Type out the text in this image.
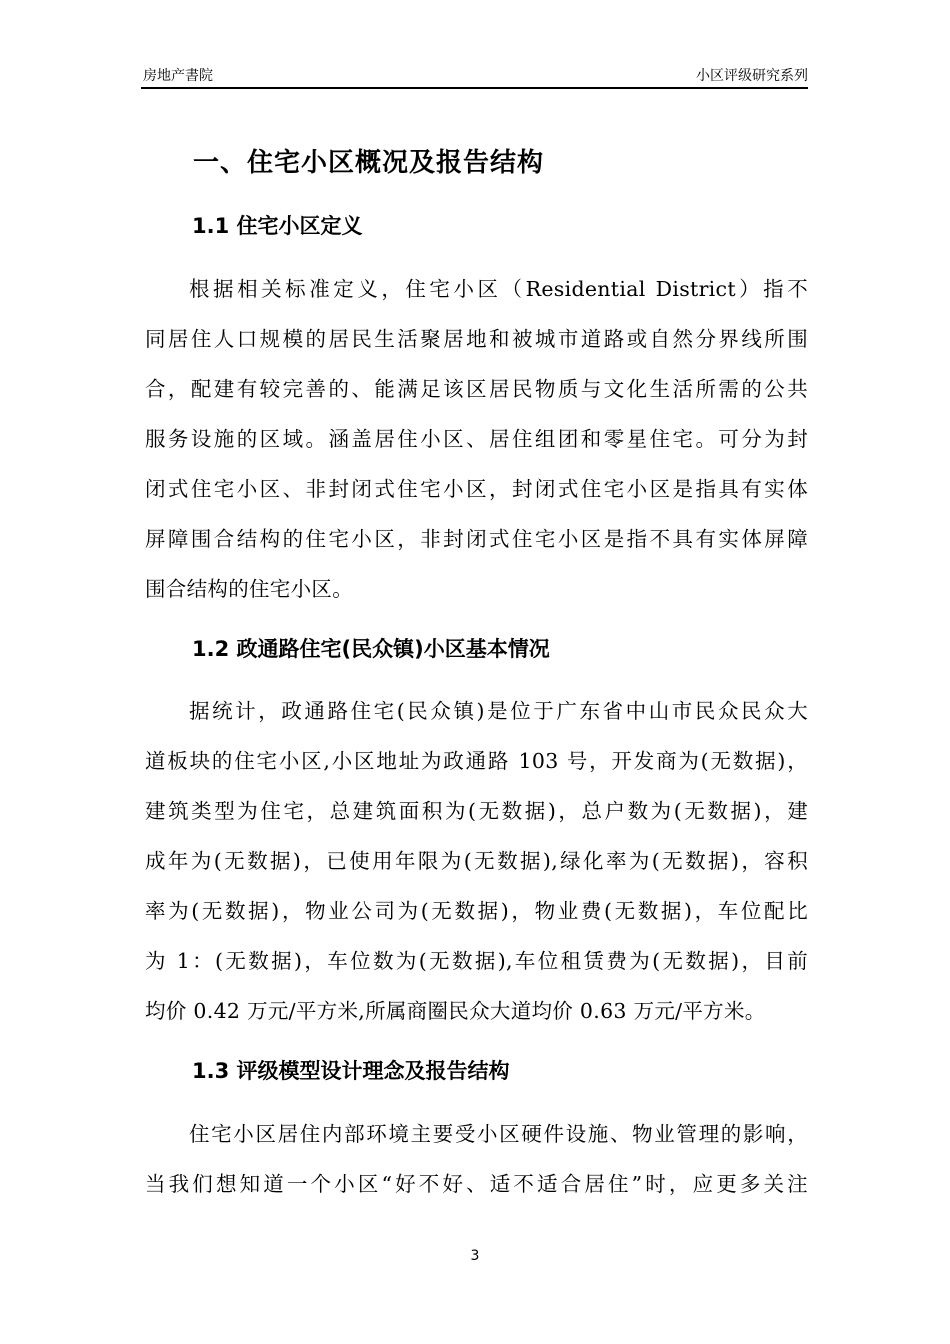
房地产書院	小区评级研究系列
一、住宅小区概况及报告结构
1.1 住宅小区定义
根据相关标准定义，住宅小区（Residential District）指不
同居住人口规模的居民生活聚居地和被城市道路或自然分界线所围
合，配建有较完善的、能满足该区居民物质与文化生活所需的公共
服务设施的区域。涵盖居住小区、居住组团和零星住宅。可分为封
闭式住宅小区、非封闭式住宅小区，封闭式住宅小区是指具有实体
屏障围合结构的住宅小区，非封闭式住宅小区是指不具有实体屏障
围合结构的住宅小区。
1.2 政通路住宅(民众镇)小区基本情况
据统计，政通路住宅(民众镇)是位于广东省中山市民众民众大
道板块的住宅小区,小区地址为政通路 103 号，开发商为(无数据)，
建筑类型为住宅，总建筑面积为(无数据)，总户数为(无数据)，建
成年为(无数据)，已使用年限为(无数据),绿化率为(无数据)，容积
率为(无数据)，物业公司为(无数据)，物业费(无数据)，车位配比
为 1：(无数据)，车位数为(无数据),车位租赁费为(无数据)，目前
均价 0.42 万元/平方米,所属商圈民众大道均价 0.63 万元/平方米。
1.3 评级模型设计理念及报告结构
住宅小区居住内部环境主要受小区硬件设施、物业管理的影响，
当我们想知道一个小区“好不好、适不适合居住”时，应更多关注
3
